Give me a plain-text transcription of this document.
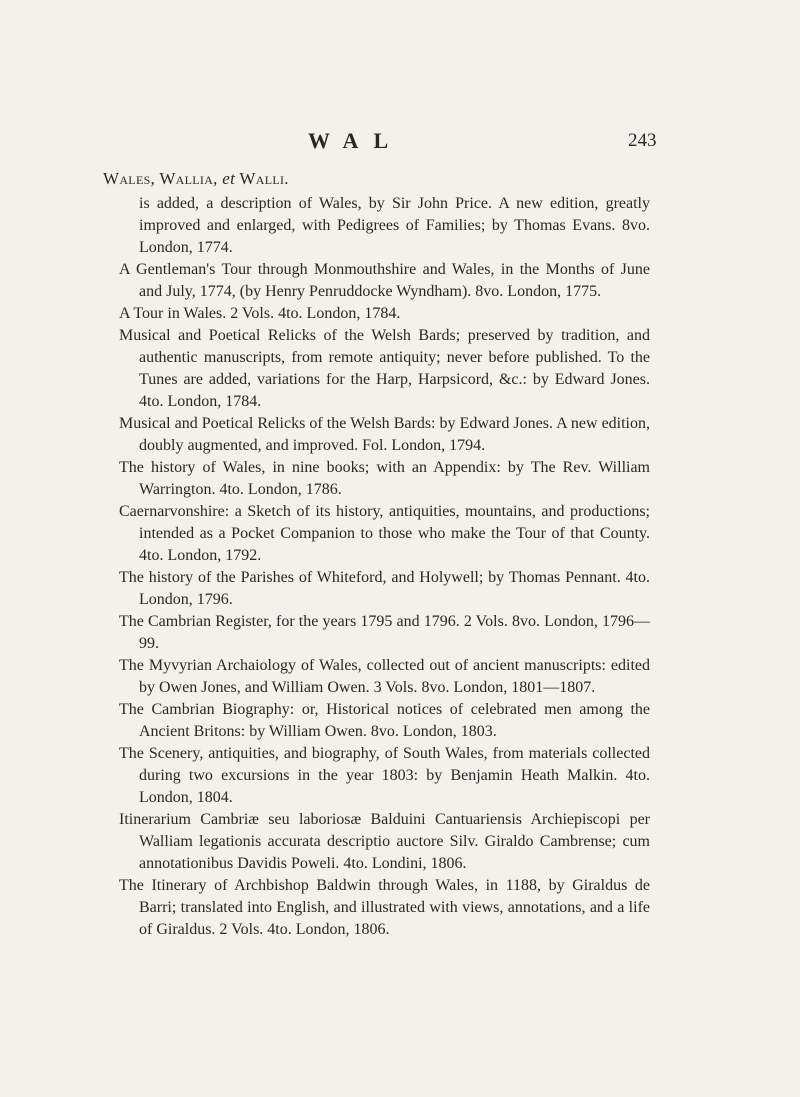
WAL	243
Wales, Wallia, et Walli.

is added, a description of Wales, by Sir John Price. A new edition, greatly improved and enlarged, with Pedigrees of Families; by Thomas Evans. 8vo. London, 1774.

A Gentleman's Tour through Monmouthshire and Wales, in the Months of June and July, 1774, (by Henry Penruddocke Wyndham). 8vo. London, 1775.

A Tour in Wales. 2 Vols. 4to. London, 1784.

Musical and Poetical Relicks of the Welsh Bards; preserved by tradition, and authentic manuscripts, from remote antiquity; never before published. To the Tunes are added, variations for the Harp, Harpsicord, &c.: by Edward Jones. 4to. London, 1784.

Musical and Poetical Relicks of the Welsh Bards: by Edward Jones. A new edition, doubly augmented, and improved. Fol. London, 1794.

The history of Wales, in nine books; with an Appendix: by The Rev. William Warrington. 4to. London, 1786.

Caernarvonshire: a Sketch of its history, antiquities, mountains, and productions; intended as a Pocket Companion to those who make the Tour of that County. 4to. London, 1792.

The history of the Parishes of Whiteford, and Holywell; by Thomas Pennant. 4to. London, 1796.

The Cambrian Register, for the years 1795 and 1796. 2 Vols. 8vo. London, 1796—99.

The Myvyrian Archaiology of Wales, collected out of ancient manuscripts: edited by Owen Jones, and William Owen. 3 Vols. 8vo. London, 1801—1807.

The Cambrian Biography: or, Historical notices of celebrated men among the Ancient Britons: by William Owen. 8vo. London, 1803.

The Scenery, antiquities, and biography, of South Wales, from materials collected during two excursions in the year 1803: by Benjamin Heath Malkin. 4to. London, 1804.

Itinerarium Cambriæ seu laboriosæ Balduini Cantuariensis Archiepiscopi per Walliam legationis accurata descriptio auctore Silv. Giraldo Cambrense; cum annotationibus Davidis Poweli. 4to. Londini, 1806.

The Itinerary of Archbishop Baldwin through Wales, in 1188, by Giraldus de Barri; translated into English, and illustrated with views, annotations, and a life of Giraldus. 2 Vols. 4to. London, 1806.
